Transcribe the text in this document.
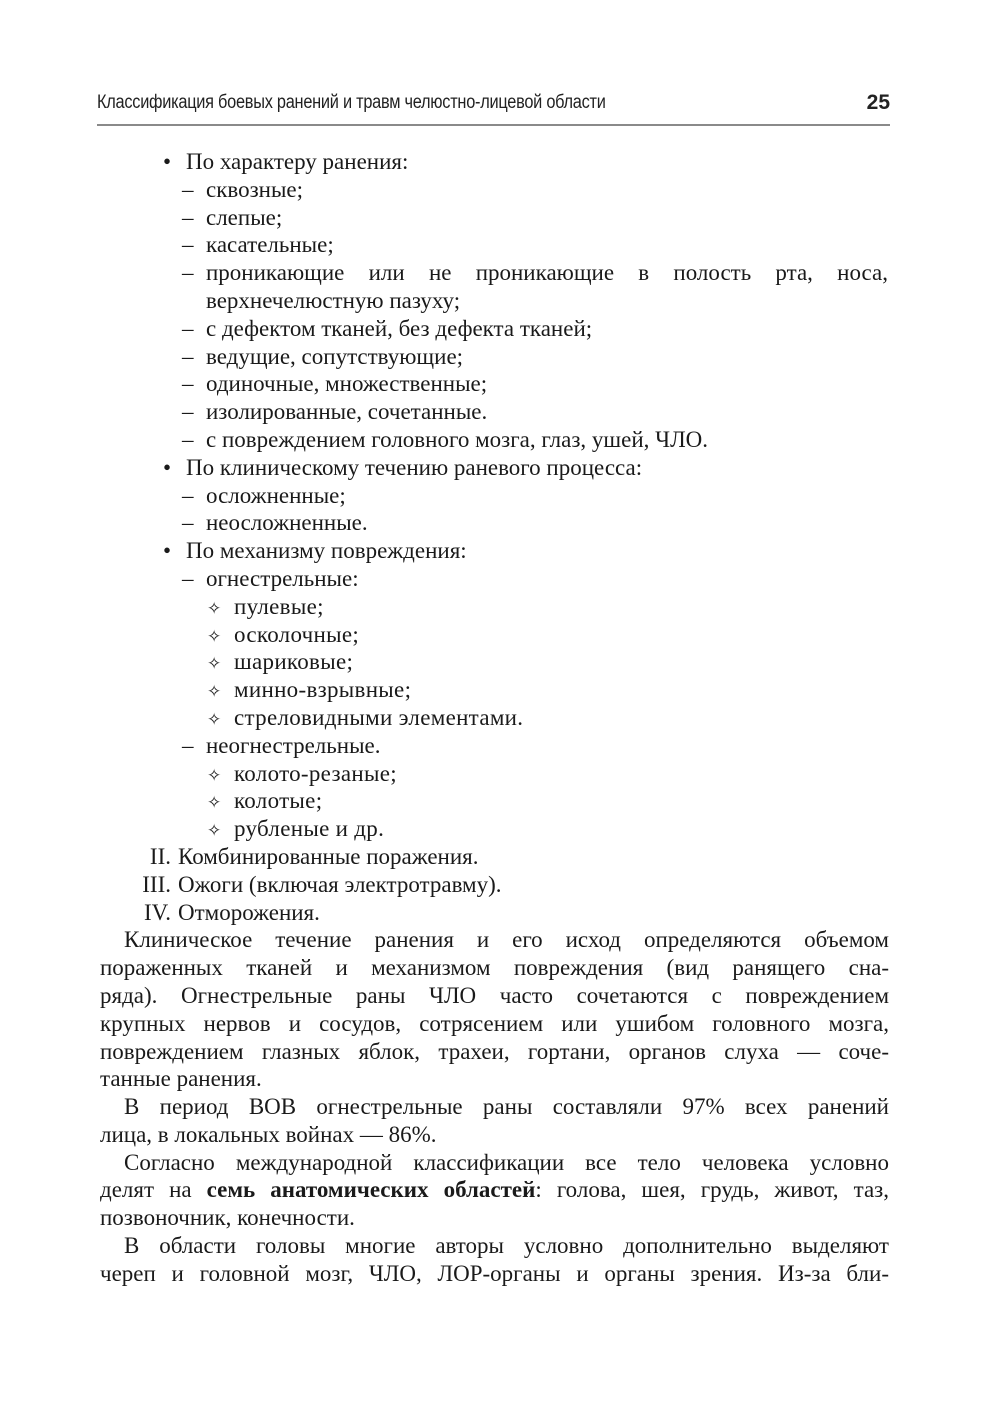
Классификация боевых ранений и травм челюстно-лицевой области	25
• По характеру ранения:
– сквозные;
– слепые;
– касательные;
– проникающие или не проникающие в полость рта, носа,
верхнечелюстную пазуху;
– с дефектом тканей, без дефекта тканей;
– ведущие, сопутствующие;
– одиночные, множественные;
– изолированные, сочетанные.
– с повреждением головного мозга, глаз, ушей, ЧЛО.
• По клиническому течению раневого процесса:
– осложненные;
– неосложненные.
• По механизму повреждения:
– огнестрельные:
✧ пулевые;
✧ осколочные;
✧ шариковые;
✧ минно-взрывные;
✧ стреловидными элементами.
– неогнестрельные.
✧ колото-резаные;
✧ колотые;
✧ рубленые и др.
II. Комбинированные поражения.
III. Ожоги (включая электротравму).
IV. Отморожения.
Клиническое течение ранения и его исход определяются объемом
пораженных тканей и механизмом повреждения (вид ранящего сна-
ряда). Огнестрельные раны ЧЛО часто сочетаются с повреждением
крупных нервов и сосудов, сотрясением или ушибом головного мозга,
повреждением глазных яблок, трахеи, гортани, органов слуха — соче-
танные ранения.
В период ВОВ огнестрельные раны составляли 97% всех ранений
лица, в локальных войнах — 86%.
Согласно международной классификации все тело человека условно
делят на семь анатомических областей: голова, шея, грудь, живот, таз,
позвоночник, конечности.
В области головы многие авторы условно дополнительно выделяют
череп и головной мозг, ЧЛО, ЛОР-органы и органы зрения. Из-за бли-
